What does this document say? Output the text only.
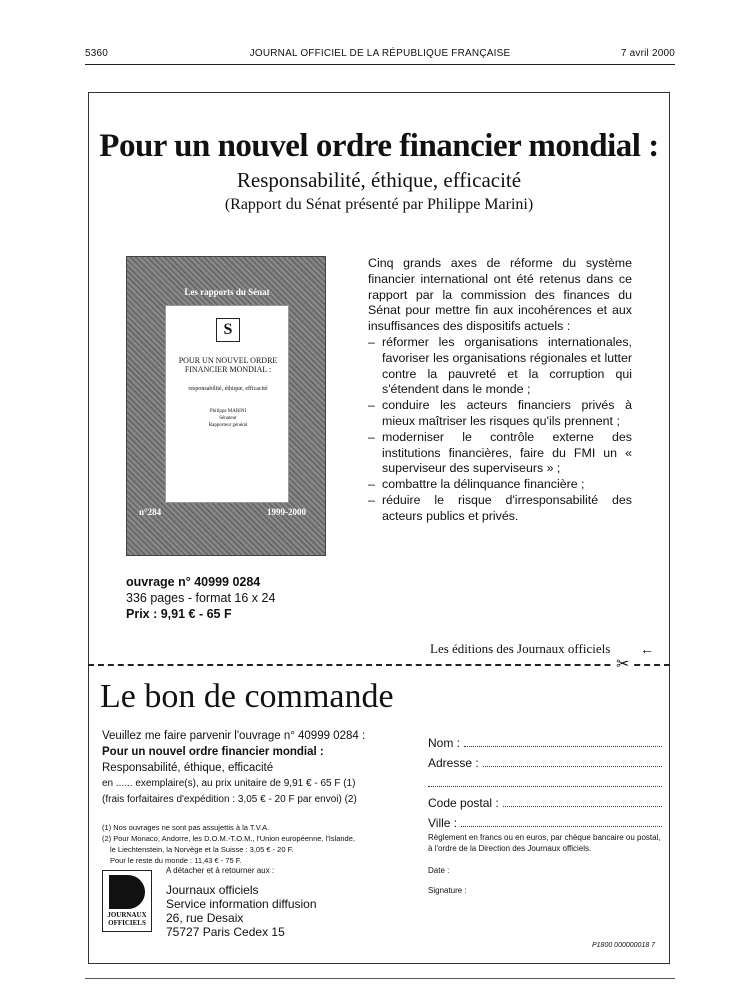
5360	JOURNAL OFFICIEL DE LA RÉPUBLIQUE FRANÇAISE	7 avril 2000
Pour un nouvel ordre financier mondial :
Responsabilité, éthique, efficacité
(Rapport du Sénat présenté par Philippe Marini)
Les rapports du Sénat
S
POUR UN NOUVEL ORDRE FINANCIER MONDIAL :
responsabilité, éthique, efficacité
Philippe MARINI
Sénateur
Rapporteur général
n°284	1999-2000
Cinq grands axes de réforme du système financier international ont été retenus dans ce rapport par la commission des finances du Sénat pour mettre fin aux incohérences et aux insuffisances des dispositifs actuels :
– réformer les organisations internationales, favoriser les organisations régionales et lutter contre la pauvreté et la corruption qui s'étendent dans le monde ;
– conduire les acteurs financiers privés à mieux maîtriser les risques qu'ils prennent ;
– moderniser le contrôle externe des institutions financières, faire du FMI un « superviseur des superviseurs » ;
– combattre la délinquance financière ;
– réduire le risque d'irresponsabilité des acteurs publics et privés.
ouvrage n° 40999 0284
336 pages - format 16 x 24
Prix : 9,91 € - 65 F
Les éditions des Journaux officiels ←
✂
Le bon de commande
Veuillez me faire parvenir l'ouvrage n° 40999 0284 :
Pour un nouvel ordre financier mondial :
Responsabilité, éthique, efficacité
en ...... exemplaire(s), au prix unitaire de 9,91 € - 65 F (1)
(frais forfaitaires d'expédition : 3,05 € - 20 F par envoi) (2)
(1) Nos ouvrages ne sont pas assujettis à la T.V.A.
(2) Pour Monaco, Andorre, les D.O.M.-T.O.M., l'Union européenne, l'Islande,
le Liechtenstein, la Norvège et la Suisse : 3,05 € - 20 F.
Pour le reste du monde : 11,43 € - 75 F.
Nom :
Adresse :
Code postal :
Ville :
Règlement en francs ou en euros, par chèque bancaire ou postal, à l'ordre de la Direction des Journaux officiels.
Date :
Signature :
JOURNAUX
OFFICIELS
A détacher et à retourner aux :
Journaux officiels
Service information diffusion
26, rue Desaix
75727 Paris Cedex 15
P1800 000000018 7
